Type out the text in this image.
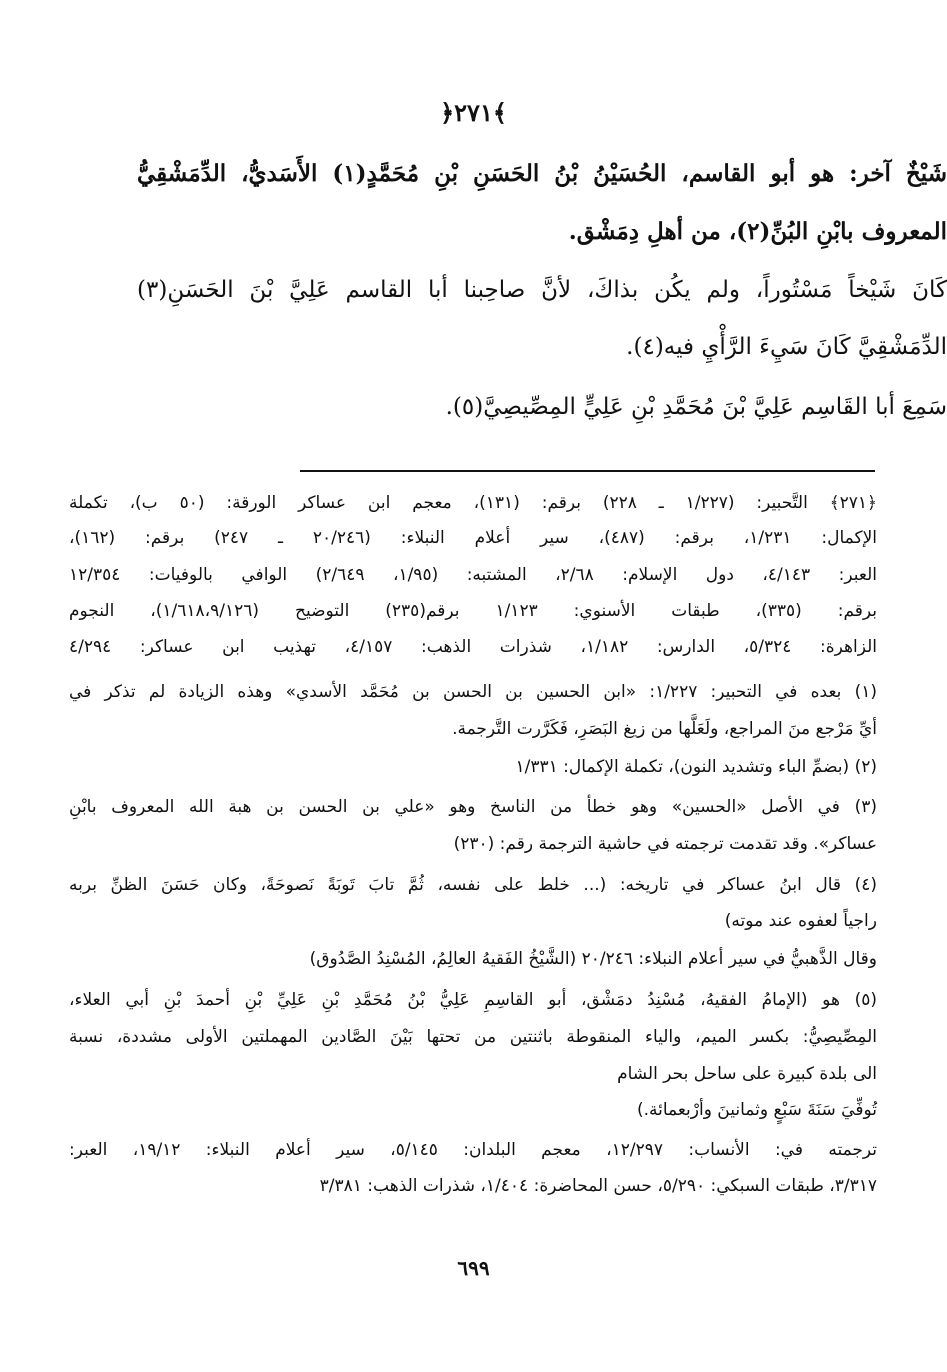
﴿٢٧١﴾
شَيْخٌ آخر: هو أبو القاسم، الحُسَيْنُ بْنُ الحَسَنِ بْنِ مُحَمَّدٍ(١) الأَسَديُّ، الدِّمَشْقِيُّ
المعروف بابْنِ البُنِّ(٢)، من أهلِ دِمَشْق.
كَانَ شَيْخاً مَسْتُوراً، ولم يكُن بذاكَ، لأنَّ صاحِبنا أبا القاسم عَلِيَّ بْنَ الحَسَنِ(٣)
الدِّمَشْقِيَّ كَانَ سَيِءَ الرَّأْيِ فيه(٤).
سَمِعَ أبا القَاسِم عَلِيَّ بْنَ مُحَمَّدِ بْنِ عَلِيٍّ المِصِّيصِيَّ(٥).
﴿٢٧١﴾ التَّحبير: (١/٢٢٧ ـ ٢٢٨) برقم: (١٣١)، معجم ابن عساكر الورقة: (٥٠ ب)، تكملة
الإكمال: ١/٢٣١، برقم: (٤٨٧)، سير أعلام النبلاء: (٢٠/٢٤٦ ـ ٢٤٧) برقم: (١٦٢)،
العبر: ٤/١٤٣، دول الإسلام: ٢/٦٨، المشتبه: (١/٩٥، ٢/٦٤٩) الوافي بالوفيات: ١٢/٣٥٤
برقم: (٣٣٥)، طبقات الأسنوي: ١/١٢٣ برقم(٢٣٥) التوضيح (١/٦١٨،٩/١٢٦)، النجوم
الزاهرة: ٥/٣٢٤، الدارس: ١/١٨٢، شذرات الذهب: ٤/١٥٧، تهذيب ابن عساكر: ٤/٢٩٤
(١) بعده في التحبير: ١/٢٢٧: «ابن الحسين بن الحسن بن مُحَمَّد الأسدي» وهذه الزيادة لم تذكر في
أيِّ مَرْجع منَ المراجع، ولَعَلَّها من زيغ البَصَرِ، فَكَرَّرت التَّرجمة.
(٢) (بضمِّ الباء وتشديد النون)، تكملة الإكمال: ١/٣٣١
(٣) في الأصل «الحسين» وهو خطأ من الناسخ وهو «علي بن الحسن بن هبة الله المعروف بابْنِ
عساكر». وقد تقدمت ترجمته في حاشية الترجمة رقم: (٢٣٠)
(٤) قال ابنُ عساكر في تاريخه: (... خلط على نفسه، ثُمَّ تابَ تَوبَةً نَصوحَةً، وكان حَسَنَ الظنِّ بربه
راجياً لعفوه عند موته)
وقال الذَّهبيُّ في سير أعلام النبلاء: ٢٠/٢٤٦ (الشَّيْخُ الفَقيهُ العالِمُ، المُسْنِدُ الصَّدُوق)
(٥) هو (الإمامُ الفقيهُ، مُسْنِدُ دمَشْق، أبو القاسِمِ عَلِيُّ بْنُ مُحَمَّدِ بْنِ عَلِيِّ بْنِ أحمدَ بْنِ أبي العلاء،
المِصِّيصِيُّ: بكسر الميم، والياء المنقوطة باثنتين من تحتها بَيْنَ الصَّادين المهملتين الأولى مشددة، نسبة
الى بلدة كبيرة على ساحل بحر الشام
تُوفِّيَ سَنَةَ سَبْعٍ وثمانينَ وأرْبعمائة.)
ترجمته في: الأنساب: ١٢/٢٩٧، معجم البلدان: ٥/١٤٥، سير أعلام النبلاء: ١٩/١٢، العبر:
٣/٣١٧، طبقات السبكي: ٥/٢٩٠، حسن المحاضرة: ١/٤٠٤، شذرات الذهب: ٣/٣٨١
٦٩٩
